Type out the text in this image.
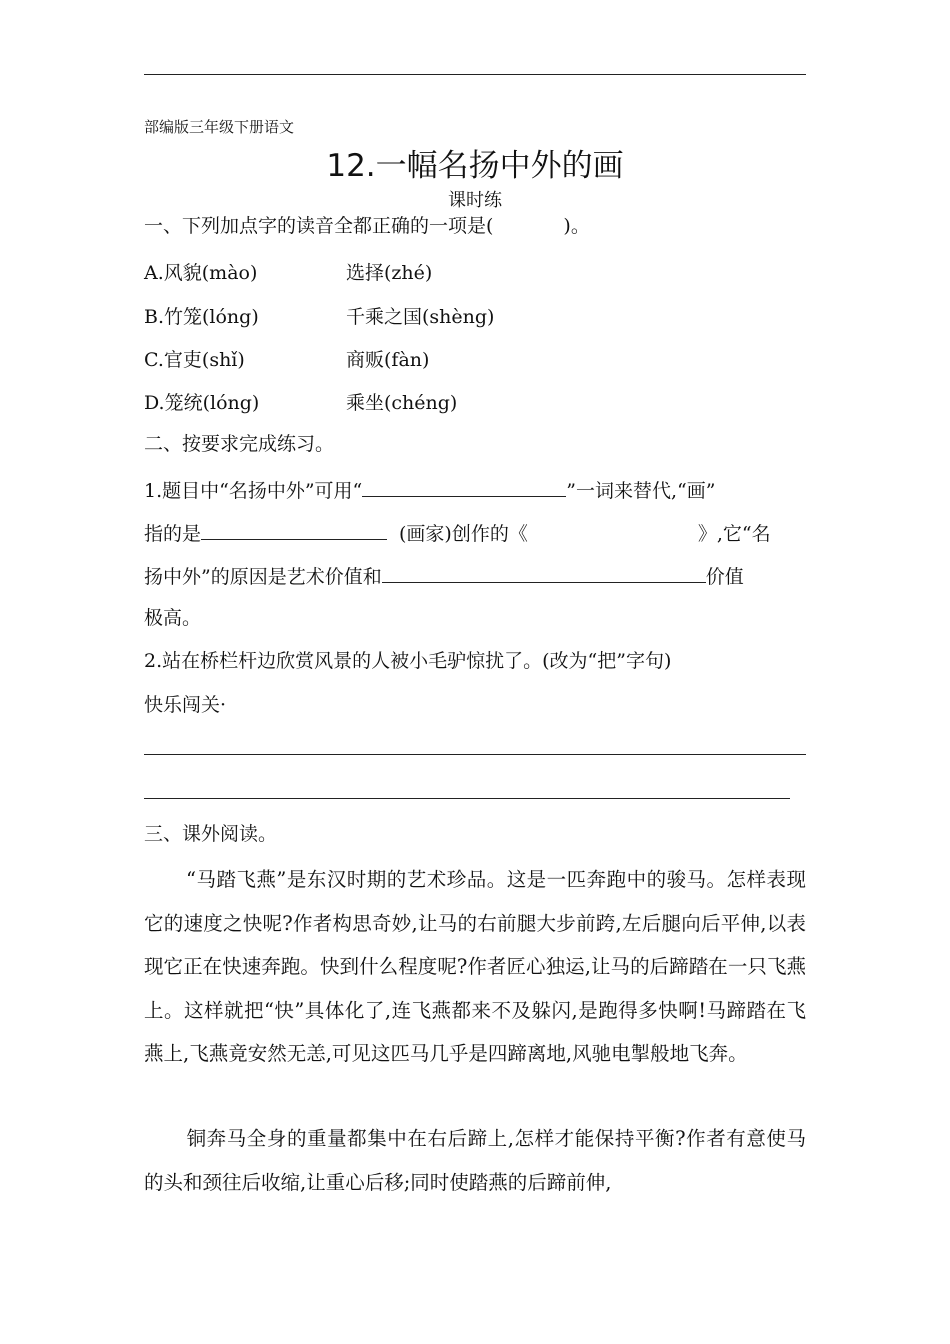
部编版三年级下册语文
12.一幅名扬中外的画
课时练
一、下列加点字的读音全都正确的一项是(	)。
A.风貌(mào)	选择(zhé)
B.竹笼(lóng)	千乘之国(shèng)
C.官吏(shǐ)	商贩(fàn)
D.笼统(lóng)	乘坐(chéng)
二、按要求完成练习。
1.题目中“名扬中外”可用“	”一词来替代,“画”
指的是	(画家)创作的《	》,它“名
扬中外”的原因是艺术价值和	价值
极高。
2.站在桥栏杆边欣赏风景的人被小毛驴惊扰了。(改为“把”字句)
快乐闯关·
三、课外阅读。
“马踏飞燕”是东汉时期的艺术珍品。这是一匹奔跑中的骏马。怎样表现它的速度之快呢?作者构思奇妙,让马的右前腿大步前跨,左后腿向后平伸,以表现它正在快速奔跑。快到什么程度呢?作者匠心独运,让马的后蹄踏在一只飞燕上。这样就把“快”具体化了,连飞燕都来不及躲闪,是跑得多快啊!马蹄踏在飞燕上,飞燕竟安然无恙,可见这匹马几乎是四蹄离地,风驰电掣般地飞奔。
铜奔马全身的重量都集中在右后蹄上,怎样才能保持平衡?作者有意使马的头和颈往后收缩,让重心后移;同时使踏燕的后蹄前伸,
